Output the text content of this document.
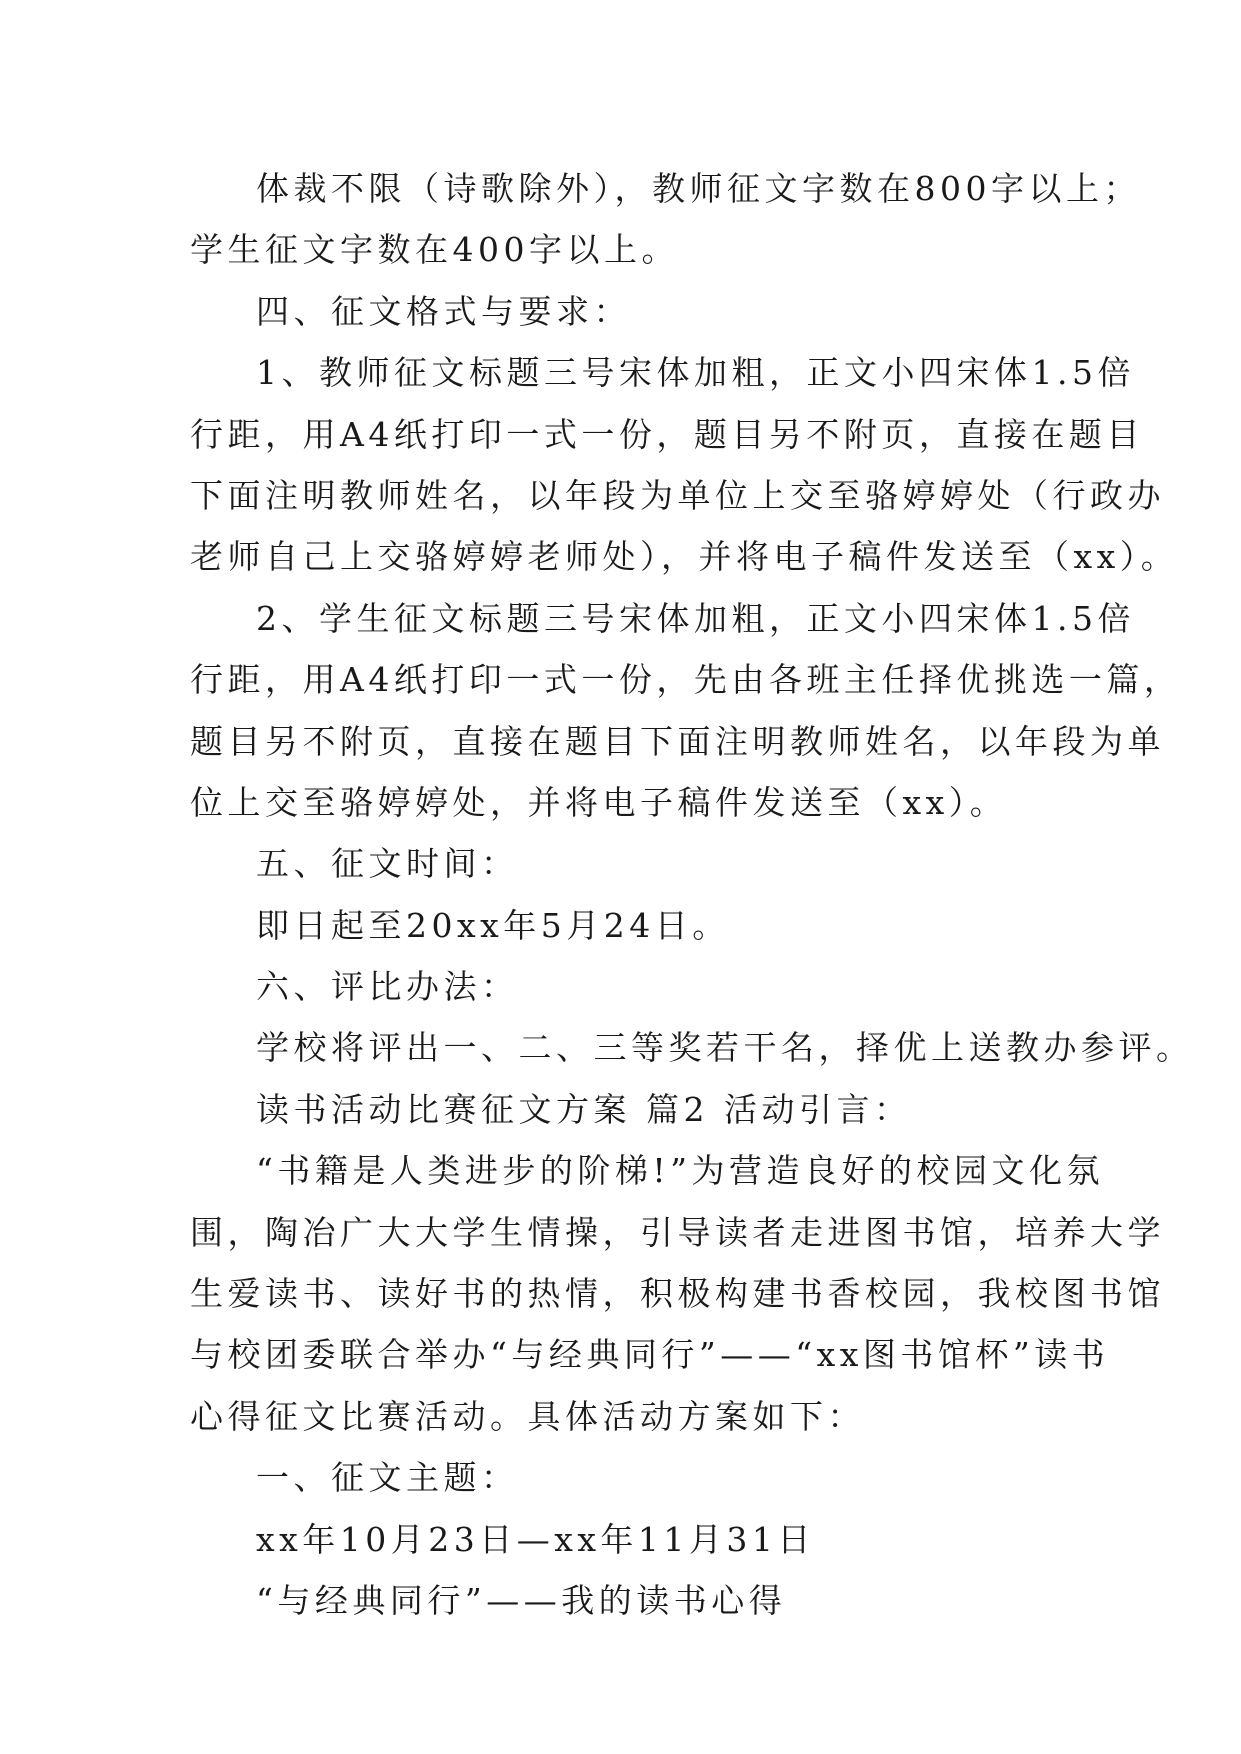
体裁不限（诗歌除外），教师征文字数在800字以上；
学生征文字数在400字以上。
四、征文格式与要求：
1、教师征文标题三号宋体加粗，正文小四宋体1.5倍
行距，用A4纸打印一式一份，题目另不附页，直接在题目
下面注明教师姓名，以年段为单位上交至骆婷婷处（行政办
老师自己上交骆婷婷老师处），并将电子稿件发送至（xx）。
2、学生征文标题三号宋体加粗，正文小四宋体1.5倍
行距，用A4纸打印一式一份，先由各班主任择优挑选一篇，
题目另不附页，直接在题目下面注明教师姓名，以年段为单
位上交至骆婷婷处，并将电子稿件发送至（xx）。
五、征文时间：
即日起至20xx年5月24日。
六、评比办法：
学校将评出一、二、三等奖若干名，择优上送教办参评。
读书活动比赛征文方案 篇2 活动引言：
“书籍是人类进步的阶梯!”为营造良好的校园文化氛
围，陶冶广大大学生情操，引导读者走进图书馆，培养大学
生爱读书、读好书的热情，积极构建书香校园，我校图书馆
与校团委联合举办“与经典同行”——“xx图书馆杯”读书
心得征文比赛活动。具体活动方案如下：
一、征文主题：
xx年10月23日—xx年11月31日
“与经典同行”——我的读书心得
